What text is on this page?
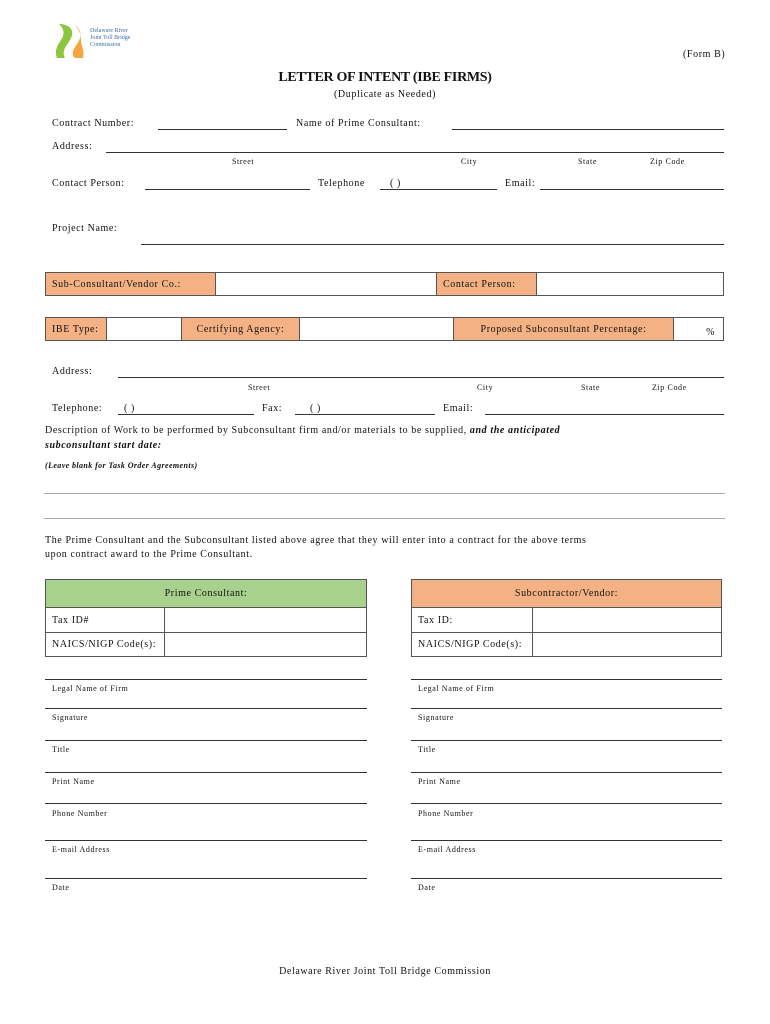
Delaware River
Joint Toll Bridge
Commission
(Form B)
LETTER OF INTENT (IBE FIRMS)
(Duplicate as Needed)
Contract Number:	Name of Prime Consultant:
Address:
Street	City	State	Zip Code
Contact Person:	Telephone	( )	Email:
Project Name:
Sub-Consultant/Vendor Co.:	Contact Person:
IBE Type:	Certifying Agency:	Proposed Subconsultant Percentage:	%
Address:
Street	City	State	Zip Code
Telephone: ( )	Fax:	( )	Email:
Description of Work to be performed by Subconsultant firm and/or materials to be supplied, and the anticipated
subconsultant start date:
(Leave blank for Task Order Agreements)
The Prime Consultant and the Subconsultant listed above agree that they will enter into a contract for the above terms
upon contract award to the Prime Consultant.
Prime Consultant:
Tax ID#
NAICS/NIGP Code(s):
Subcontractor/Vendor:
Tax ID:
NAICS/NIGP Code(s):
Legal Name of Firm
Signature
Title
Print Name
Phone Number
E-mail Address
Date
Legal Name of Firm
Signature
Title
Print Name
Phone Number
E-mail Address
Date
Delaware River Joint Toll Bridge Commission
